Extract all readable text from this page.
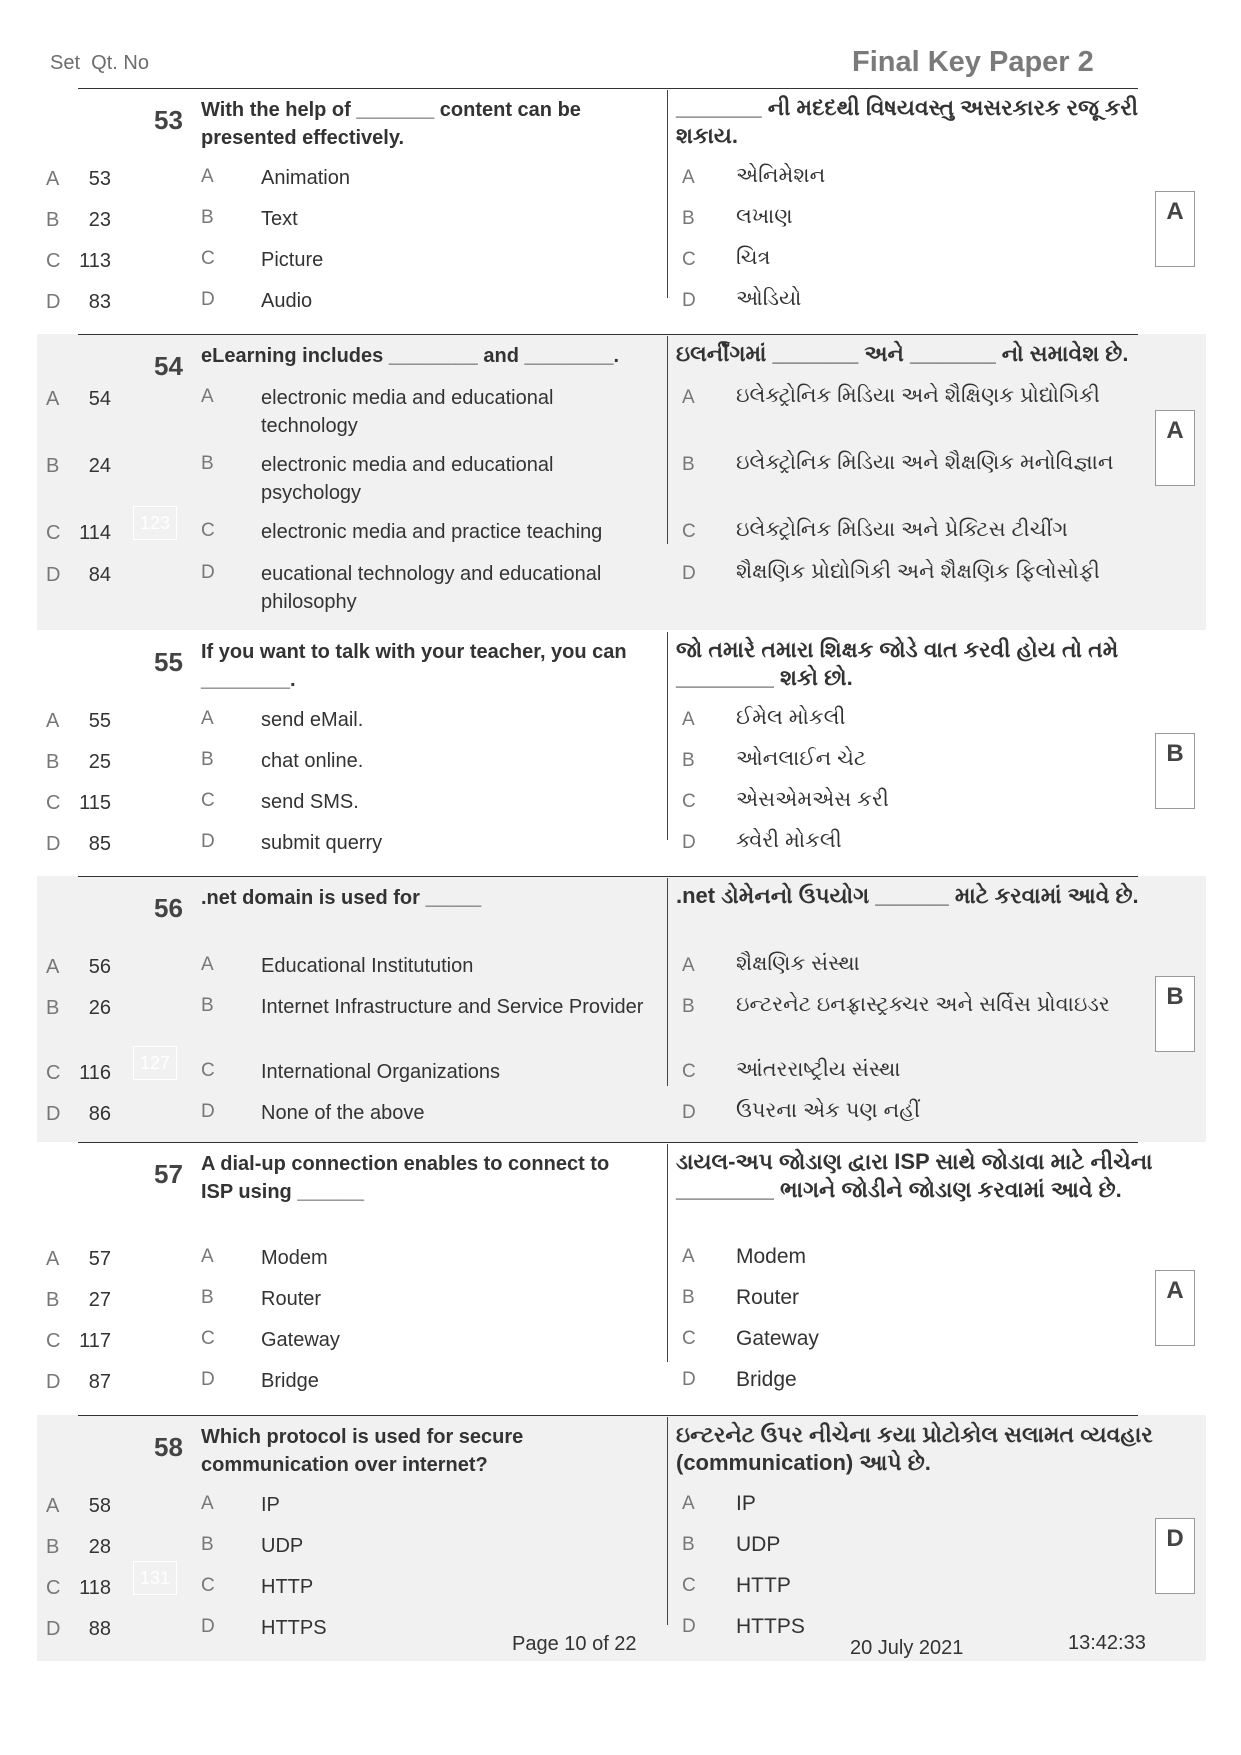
Set Qt. No	Final Key Paper 2
53 With the help of _______ content can be presented effectively.
_______ ની મદદથી વિષયવસ્તુ અસરકારક રજૂ કરી શકાય.
A	53
B	23
C 113
D	83
A Animation
B Text
C Picture
D Audio
A એનિમેશન
B લખાણ
C ચિત્ર
D ઓડિયો
A
54 eLearning includes ________ and ________.	ઇલર્નીંગમાં _______ અને _______ નો સમાવેશ છે.
A	54
B	24
C 114	123
D	84
A electronic media and educational technology
B electronic media and educational psychology
C electronic media and practice teaching
D eucational technology and educational philosophy
A ઇલેક્ટ્રોનિક મિડિયા અને શૈક્ષિણક પ્રોદ્યોગિકી
B ઇલેક્ટ્રોનિક મિડિયા અને શૈક્ષણિક મનોવિજ્ઞાન
C ઇલેક્ટ્રોનિક મિડિયા અને પ્રેક્ટિસ ટીચીંગ
D શૈક્ષણિક પ્રોદ્યોગિકી અને શૈક્ષણિક ફિલોસોફી
A
55 If you want to talk with your teacher, you can ________.
જો તમારે તમારા શિક્ષક જોડે વાત કરવી હોય તો તમે ________ શકો છો.
A	55
B	25
C 115
D	85
A send eMail.
B chat online.
C send SMS.
D submit querry
A ઈમેલ મોકલી
B ઓનલાઈન ચેટ
C એસએમએસ કરી
D ક્વેરી મોકલી
B
56 .net domain is used for _____	.net ડોમેનનો ઉપયોગ ______ માટે કરવામાં આવે છે.
A	56
B	26
C 116	127
D	86
A Educational Institutution
B Internet Infrastructure and Service Provider
C International Organizations
D None of the above
A શૈક્ષણિક સંસ્થા
B ઇન્ટરનેટ ઇનફ્રાસ્ટ્રક્ચર અને સર્વિસ પ્રોવાઇડર
C આંતરરાષ્ટ્રીય સંસ્થા
D ઉપરના એક પણ નહીં
B
57 A dial-up connection enables to connect to ISP using ______
ડાયલ-અપ જોડાણ દ્વારા ISP સાથે જોડાવા માટે નીચેના ________ ભાગને જોડીને જોડાણ કરવામાં આવે છે.
A	57
B	27
C 117
D	87
A Modem
B Router
C Gateway
D Bridge
A Modem
B Router
C Gateway
D Bridge
A
58 Which protocol is used for secure communication over internet?
ઇન્ટરનેટ ઉપર નીચેના કયા પ્રોટોકોલ સલામત વ્યવહાર (communication) આપે છે.
A	58
B	28
C 118	131
D	88
A IP
B UDP
C HTTP
D HTTPS
A IP
B UDP
C HTTP
D HTTPS
D
Page 10 of 22	20 July 2021	13:42:33
